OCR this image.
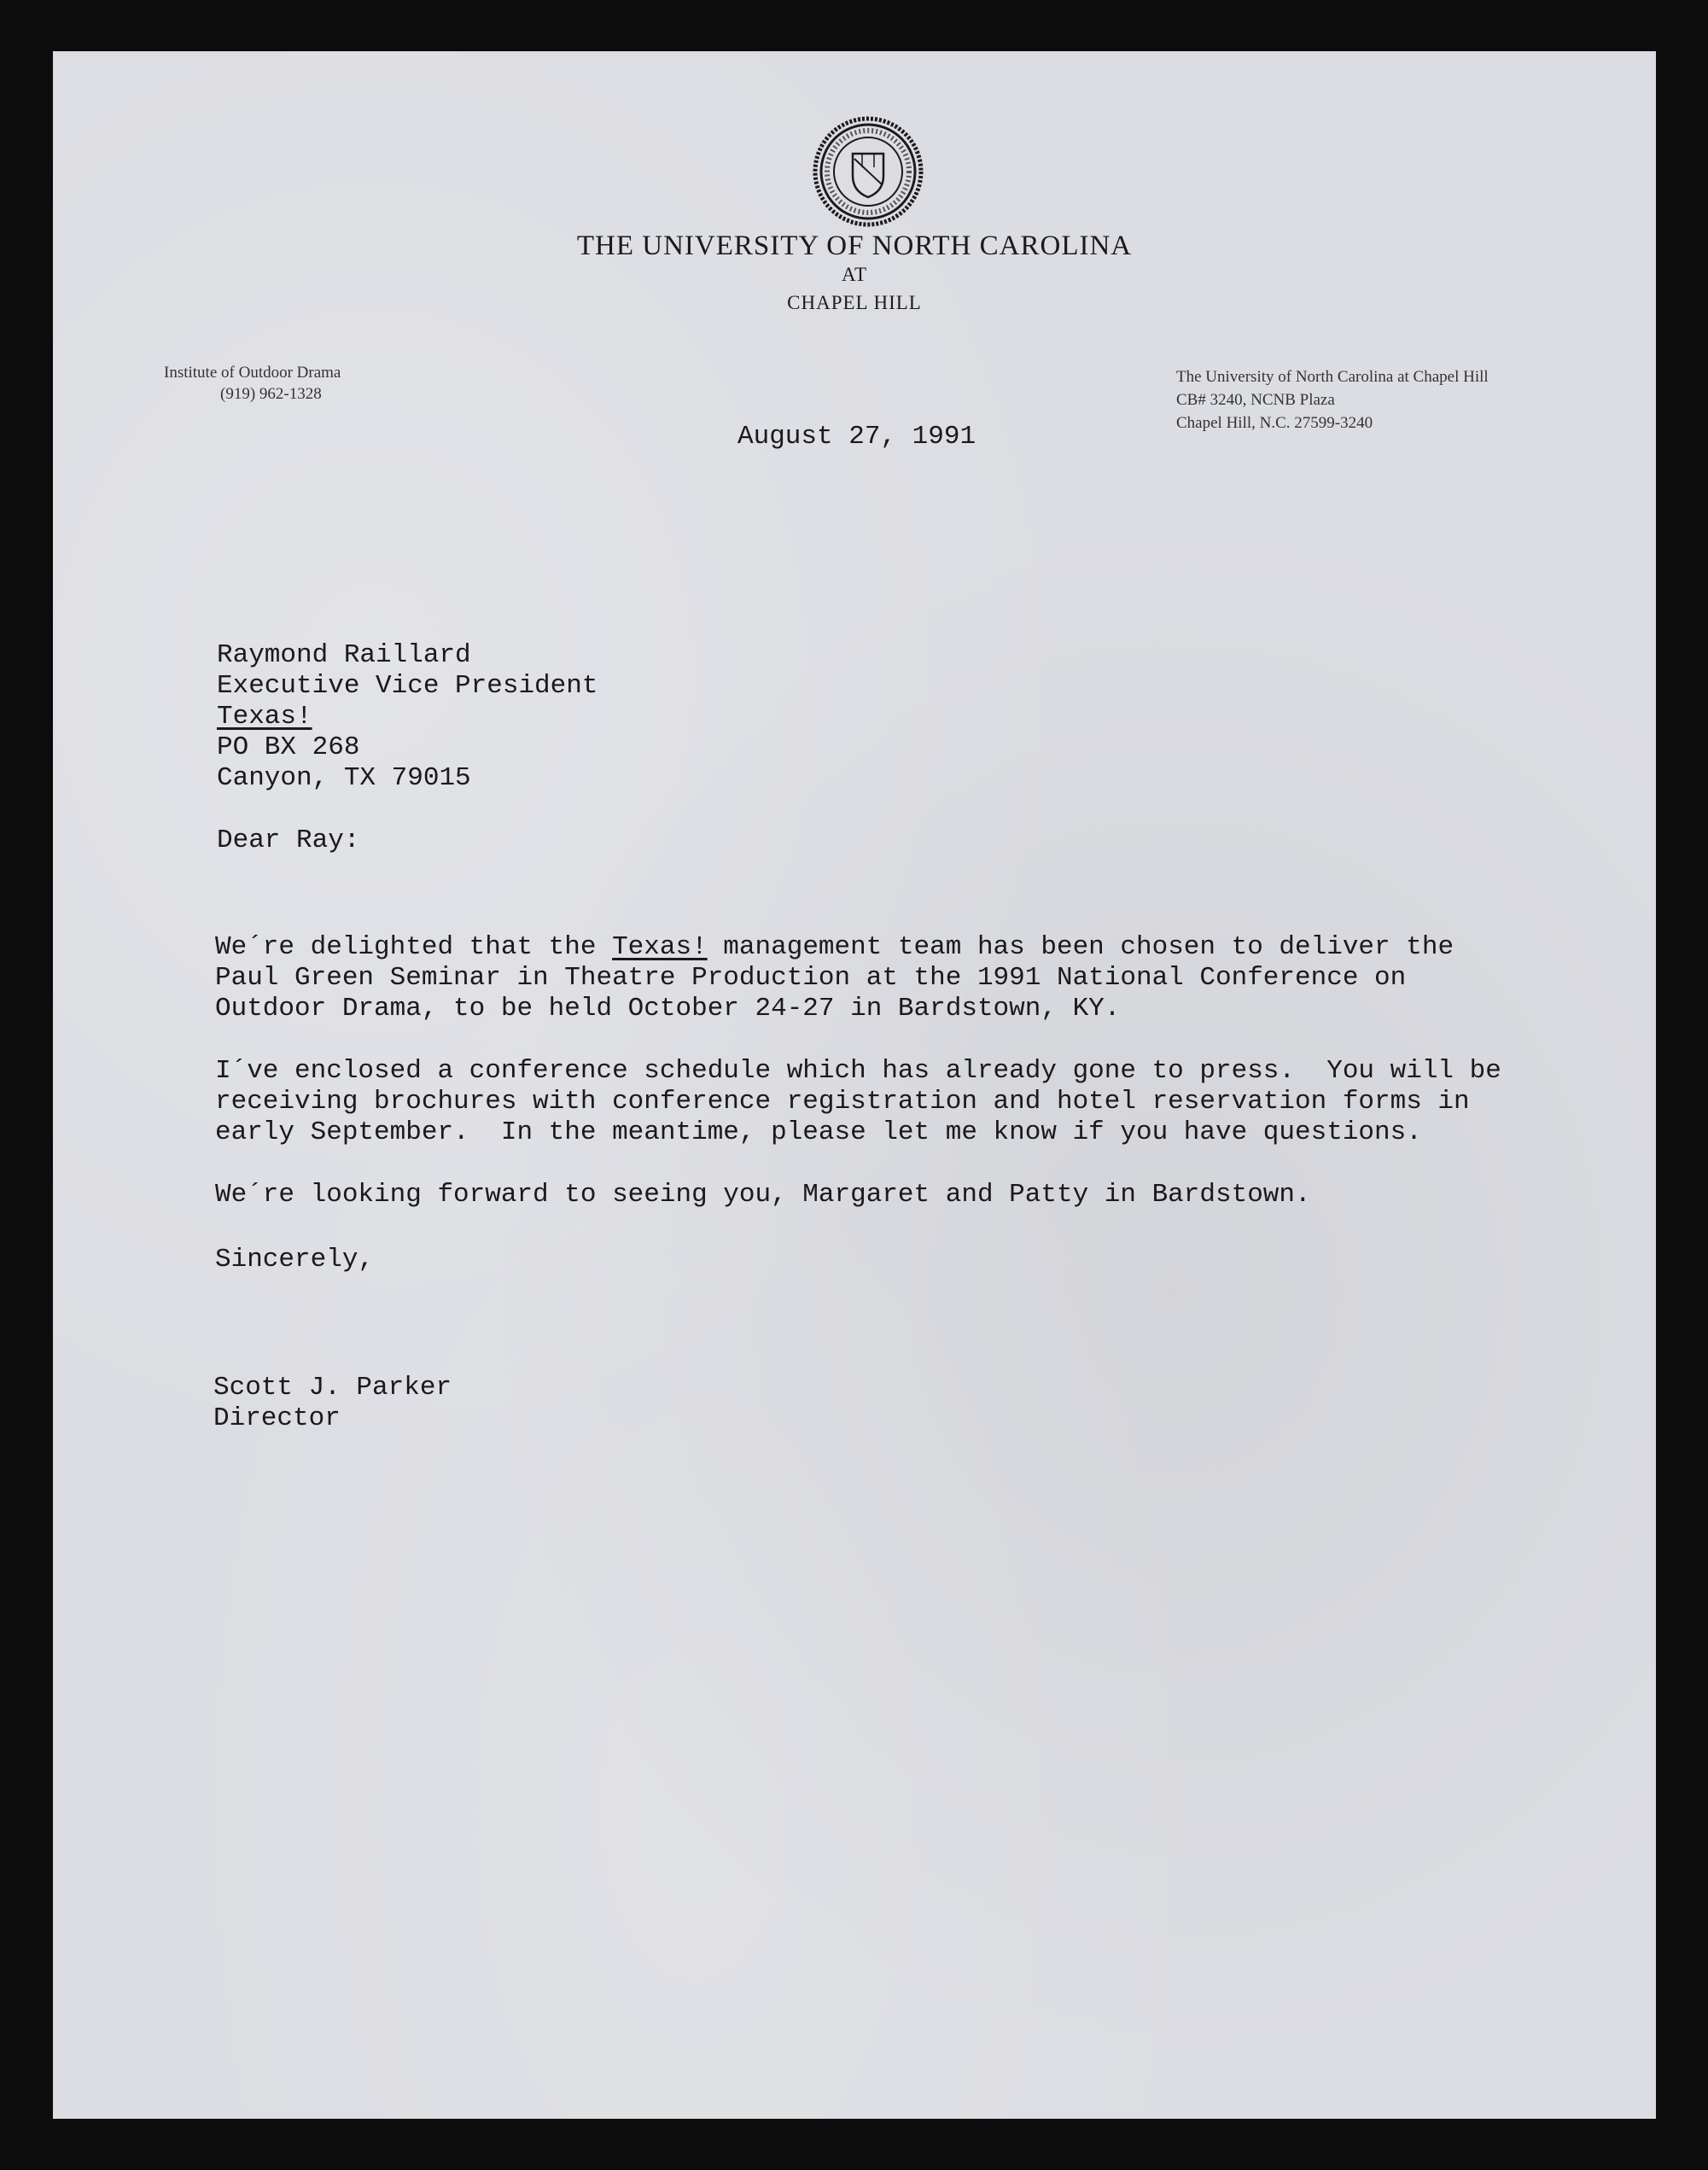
THE UNIVERSITY OF NORTH CAROLINA
AT
CHAPEL HILL
Institute of Outdoor Drama
(919) 962-1328
The University of North Carolina at Chapel Hill
CB# 3240, NCNB Plaza
Chapel Hill, N.C. 27599-3240
August 27, 1991
Raymond Raillard
Executive Vice President
Texas!
PO BX 268
Canyon, TX 79015
Dear Ray:
We´re delighted that the Texas! management team has been chosen to deliver the
Paul Green Seminar in Theatre Production at the 1991 National Conference on
Outdoor Drama, to be held October 24-27 in Bardstown, KY.
I´ve enclosed a conference schedule which has already gone to press.  You will be
receiving brochures with conference registration and hotel reservation forms in
early September.  In the meantime, please let me know if you have questions.
We´re looking forward to seeing you, Margaret and Patty in Bardstown.
Sincerely,
Scott J. Parker
Director
